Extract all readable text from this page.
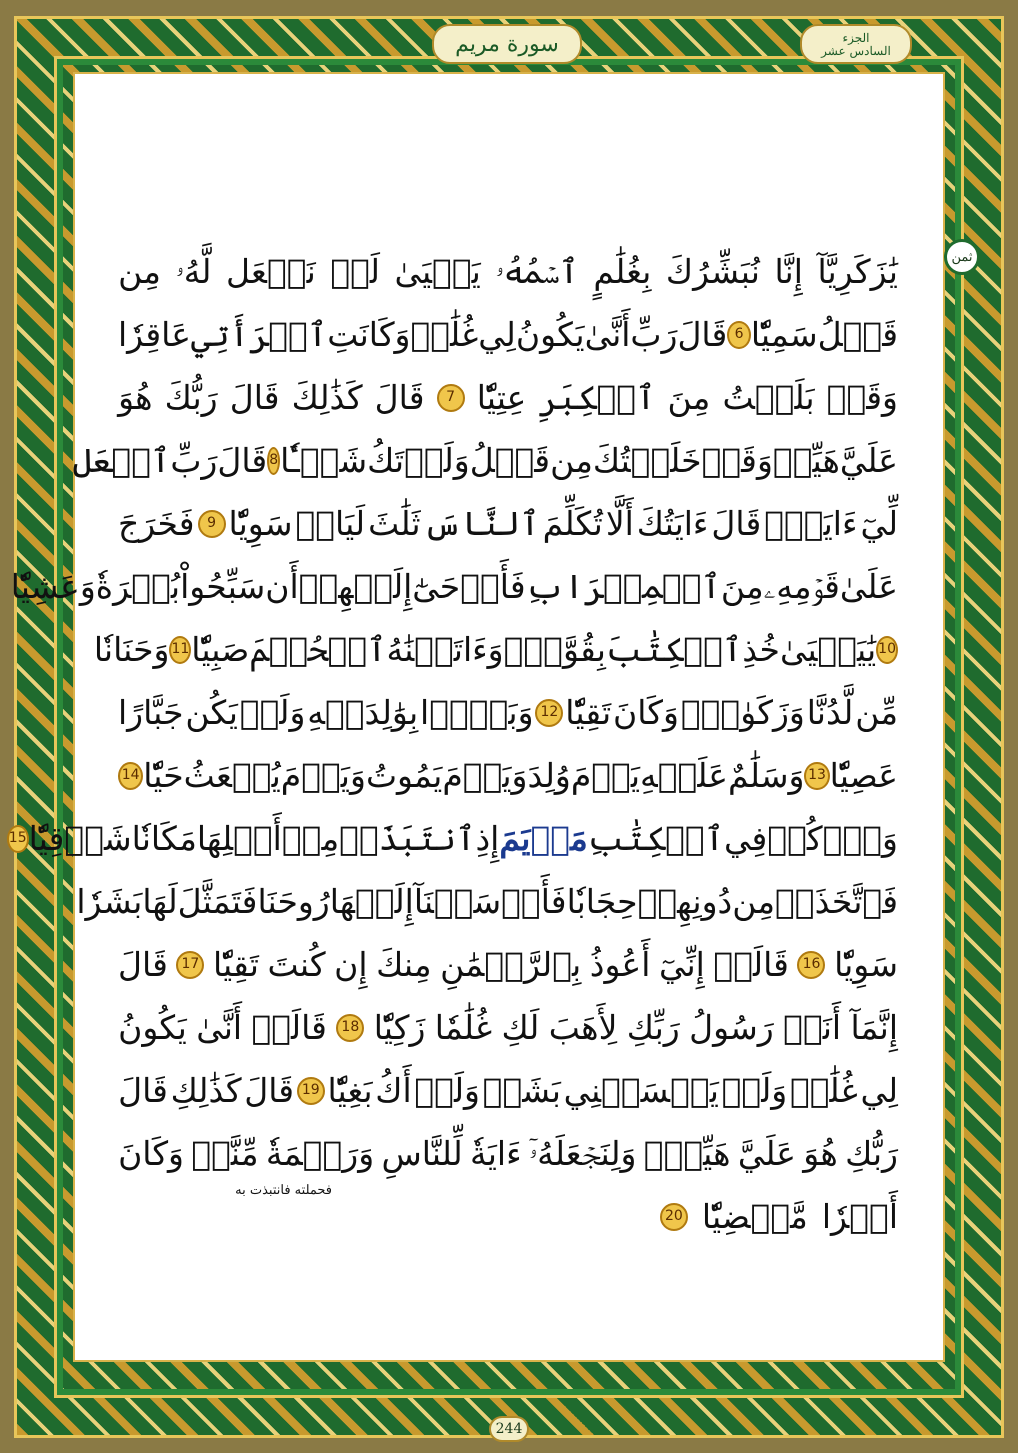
سورة مريم	الجزء
السادس عشر
ثمن
يَٰزَكَرِيَّآ
إِنَّا
نُبَشِّرُكَ
بِغُلَٰمٍ
ٱسۡمُهُۥ
يَحۡيَىٰ
لَمۡ
نَجۡعَل
لَّهُۥ
مِن
قَبۡلُ
سَمِيّٗا
6
قَالَ
رَبِّ
أَنَّىٰ
يَكُونُ
لِي
غُلَٰمٞ
وَكَانَتِ
ٱمۡرَأَتِي
عَاقِرٗا
وَقَدۡ
بَلَغۡتُ
مِنَ
ٱلۡكِبَرِ
عِتِيّٗا
7
قَالَ
كَذَٰلِكَ
قَالَ
رَبُّكَ
هُوَ
عَلَيَّ
هَيِّنٞ
وَقَدۡ
خَلَقۡتُكَ
مِن
قَبۡلُ
وَلَمۡ
تَكُ
شَيۡـٔٗا
8
قَالَ
رَبِّ
ٱجۡعَل
لِّيٓ
ءَايَةٗۖ
قَالَ
ءَايَتُكَ
أَلَّا
تُكَلِّمَ
ٱلنَّاسَ
ثَلَٰثَ
لَيَالٖ
سَوِيّٗا
9
فَخَرَجَ
عَلَىٰ
قَوۡمِهِۦ
مِنَ
ٱلۡمِحۡرَابِ
فَأَوۡحَىٰٓ
إِلَيۡهِمۡ
أَن
سَبِّحُواْ
بُكۡرَةٗ
وَعَشِيّٗا
10
يَٰيَحۡيَىٰ
خُذِ
ٱلۡكِتَٰبَ
بِقُوَّةٖۖ
وَءَاتَيۡنَٰهُ
ٱلۡحُكۡمَ
صَبِيّٗا
11
وَحَنَانٗا
مِّن
لَّدُنَّا
وَزَكَوٰةٗۖ
وَكَانَ
تَقِيّٗا
12
وَبَرَّۢا
بِوَٰلِدَيۡهِ
وَلَمۡ
يَكُن
جَبَّارًا
عَصِيّٗا
13
وَسَلَٰمٌ
عَلَيۡهِ
يَوۡمَ
وُلِدَ
وَيَوۡمَ
يَمُوتُ
وَيَوۡمَ
يُبۡعَثُ
حَيّٗا
14
وَٱذۡكُرۡ
فِي
ٱلۡكِتَٰبِ
مَرۡيَمَ
إِذِ
ٱنتَبَذَتۡ
مِنۡ
أَهۡلِهَا
مَكَانٗا
شَرۡقِيّٗا
15
فَٱتَّخَذَتۡ
مِن
دُونِهِمۡ
حِجَابٗا
فَأَرۡسَلۡنَآ
إِلَيۡهَا
رُوحَنَا
فَتَمَثَّلَ
لَهَا
بَشَرٗا
سَوِيّٗا
16
قَالَتۡ
إِنِّيٓ
أَعُوذُ
بِٱلرَّحۡمَٰنِ
مِنكَ
إِن
كُنتَ
تَقِيّٗا
17
قَالَ
إِنَّمَآ
أَنَا۠
رَسُولُ
رَبِّكِ
لِأَهَبَ
لَكِ
غُلَٰمٗا
زَكِيّٗا
18
قَالَتۡ
أَنَّىٰ
يَكُونُ
لِي
غُلَٰمٞ
وَلَمۡ
يَمۡسَسۡنِي
بَشَرٞ
وَلَمۡ
أَكُ
بَغِيّٗا
19
قَالَ
كَذَٰلِكِ
قَالَ
رَبُّكِ
هُوَ
عَلَيَّ
هَيِّنٞۖ
وَلِنَجۡعَلَهُۥٓ
ءَايَةٗ
لِّلنَّاسِ
وَرَحۡمَةٗ
مِّنَّاۚ
وَكَانَ
أَمۡرٗا
مَّقۡضِيّٗا
20
فحملته فانتبذت به
244
